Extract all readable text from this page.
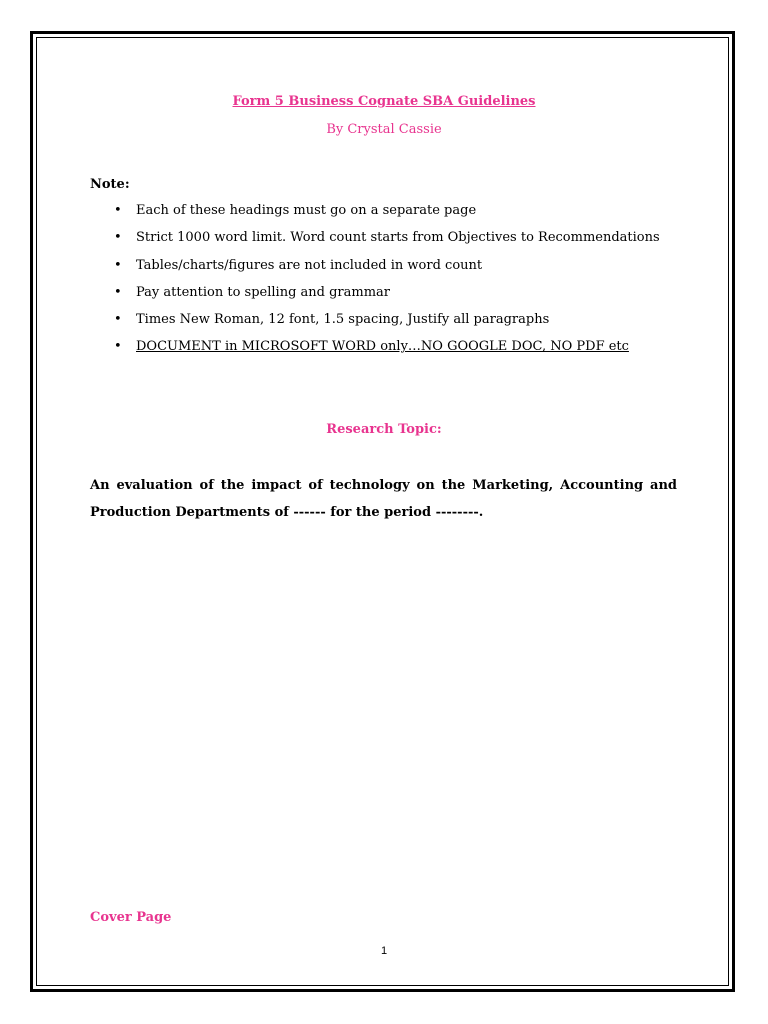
Form 5 Business Cognate SBA Guidelines
By Crystal Cassie
Note:
• Each of these headings must go on a separate page
• Strict 1000 word limit. Word count starts from Objectives to Recommendations
• Tables/charts/figures are not included in word count
• Pay attention to spelling and grammar
• Times New Roman, 12 font, 1.5 spacing, Justify all paragraphs
• DOCUMENT in MICROSOFT WORD only…NO GOOGLE DOC, NO PDF etc
Research Topic:
An evaluation of the impact of technology on the Marketing, Accounting and Production Departments of ------ for the period --------.
Cover Page
1
